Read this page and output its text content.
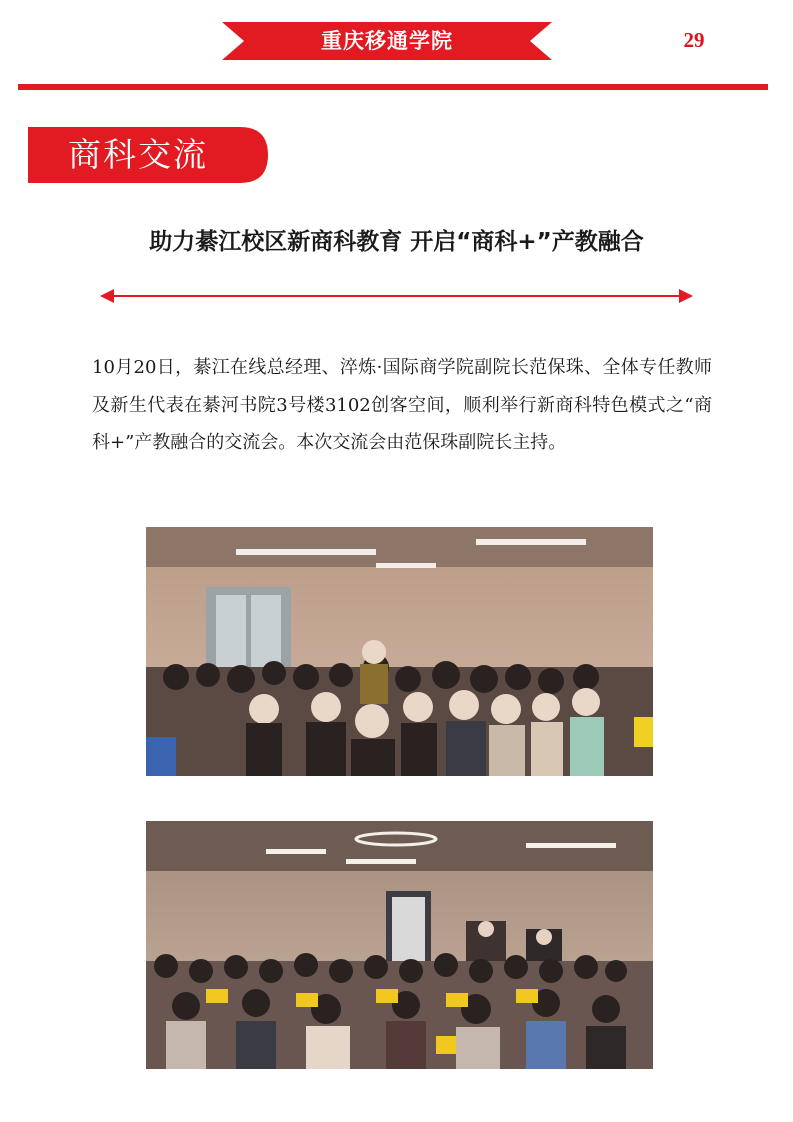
重庆移通学院	29
商科交流
助力綦江校区新商科教育 开启“商科+”产教融合
10月20日，綦江在线总经理、淬炼·国际商学院副院长范保珠、全体专任教师及新生代表在綦河书院3号楼3102创客空间，顺利举行新商科特色模式之“商科+”产教融合的交流会。本次交流会由范保珠副院长主持。
